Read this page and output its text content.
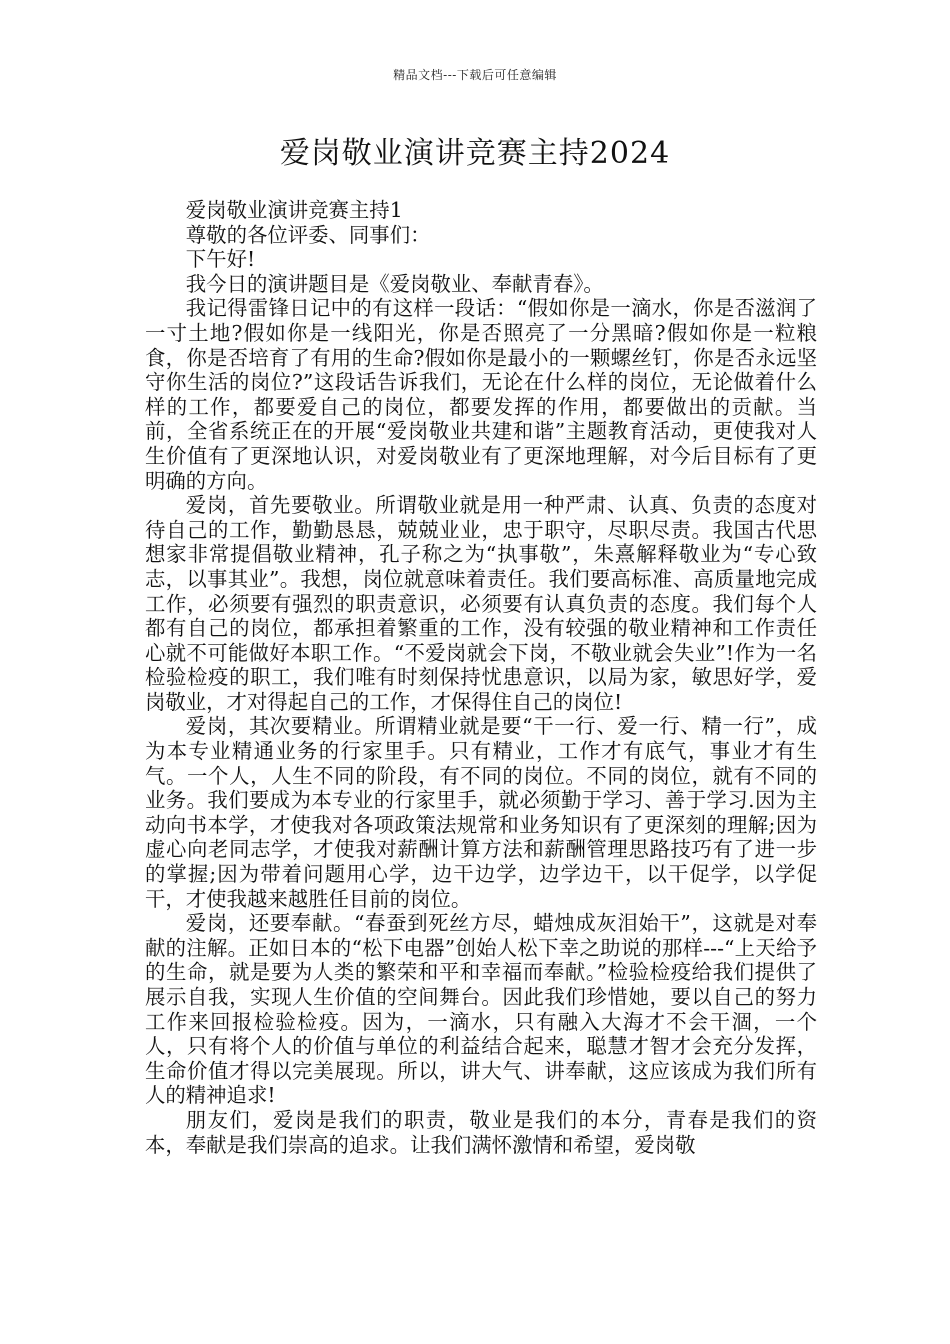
精品文档---下载后可任意编辑
爱岗敬业演讲竞赛主持2024

爱岗敬业演讲竞赛主持1

尊敬的各位评委、同事们：

下午好!

我今日的演讲题目是《爱岗敬业、奉献青春》。

我记得雷锋日记中的有这样一段话：“假如你是一滴水，你是否滋润了一寸土地?假如你是一线阳光，你是否照亮了一分黑暗?假如你是一粒粮食，你是否培育了有用的生命?假如你是最小的一颗螺丝钉，你是否永远坚守你生活的岗位?”这段话告诉我们，无论在什么样的岗位，无论做着什么样的工作，都要爱自己的岗位，都要发挥的作用，都要做出的贡献。当前，全省系统正在的开展“爱岗敬业共建和谐”主题教育活动，更使我对人生价值有了更深地认识，对爱岗敬业有了更深地理解，对今后目标有了更明确的方向。

爱岗，首先要敬业。所谓敬业就是用一种严肃、认真、负责的态度对待自己的工作，勤勤恳恳，兢兢业业，忠于职守，尽职尽责。我国古代思想家非常提倡敬业精神，孔子称之为“执事敬”，朱熹解释敬业为“专心致志，以事其业”。我想，岗位就意味着责任。我们要高标准、高质量地完成工作，必须要有强烈的职责意识，必须要有认真负责的态度。我们每个人都有自己的岗位，都承担着繁重的工作，没有较强的敬业精神和工作责任心就不可能做好本职工作。“不爱岗就会下岗，不敬业就会失业”!作为一名检验检疫的职工，我们唯有时刻保持忧患意识，以局为家，敏思好学，爱岗敬业，才对得起自己的工作，才保得住自己的岗位!

爱岗，其次要精业。所谓精业就是要“干一行、爱一行、精一行”，成为本专业精通业务的行家里手。只有精业，工作才有底气，事业才有生气。一个人，人生不同的阶段，有不同的岗位。不同的岗位，就有不同的业务。我们要成为本专业的行家里手，就必须勤于学习、善于学习.因为主动向书本学，才使我对各项政策法规常和业务知识有了更深刻的理解;因为虚心向老同志学，才使我对薪酬计算方法和薪酬管理思路技巧有了进一步的掌握;因为带着问题用心学，边干边学，边学边干，以干促学，以学促干，才使我越来越胜任目前的岗位。

爱岗，还要奉献。“春蚕到死丝方尽，蜡烛成灰泪始干”，这就是对奉献的注解。正如日本的“松下电器”创始人松下幸之助说的那样---“上天给予的生命，就是要为人类的繁荣和平和幸福而奉献。”检验检疫给我们提供了展示自我，实现人生价值的空间舞台。因此我们珍惜她，要以自己的努力工作来回报检验检疫。因为，一滴水，只有融入大海才不会干涸，一个人，只有将个人的价值与单位的利益结合起来，聪慧才智才会充分发挥，生命价值才得以完美展现。所以，讲大气、讲奉献，这应该成为我们所有人的精神追求!

朋友们，爱岗是我们的职责，敬业是我们的本分，青春是我们的资本，奉献是我们崇高的追求。让我们满怀激情和希望，爱岗敬
